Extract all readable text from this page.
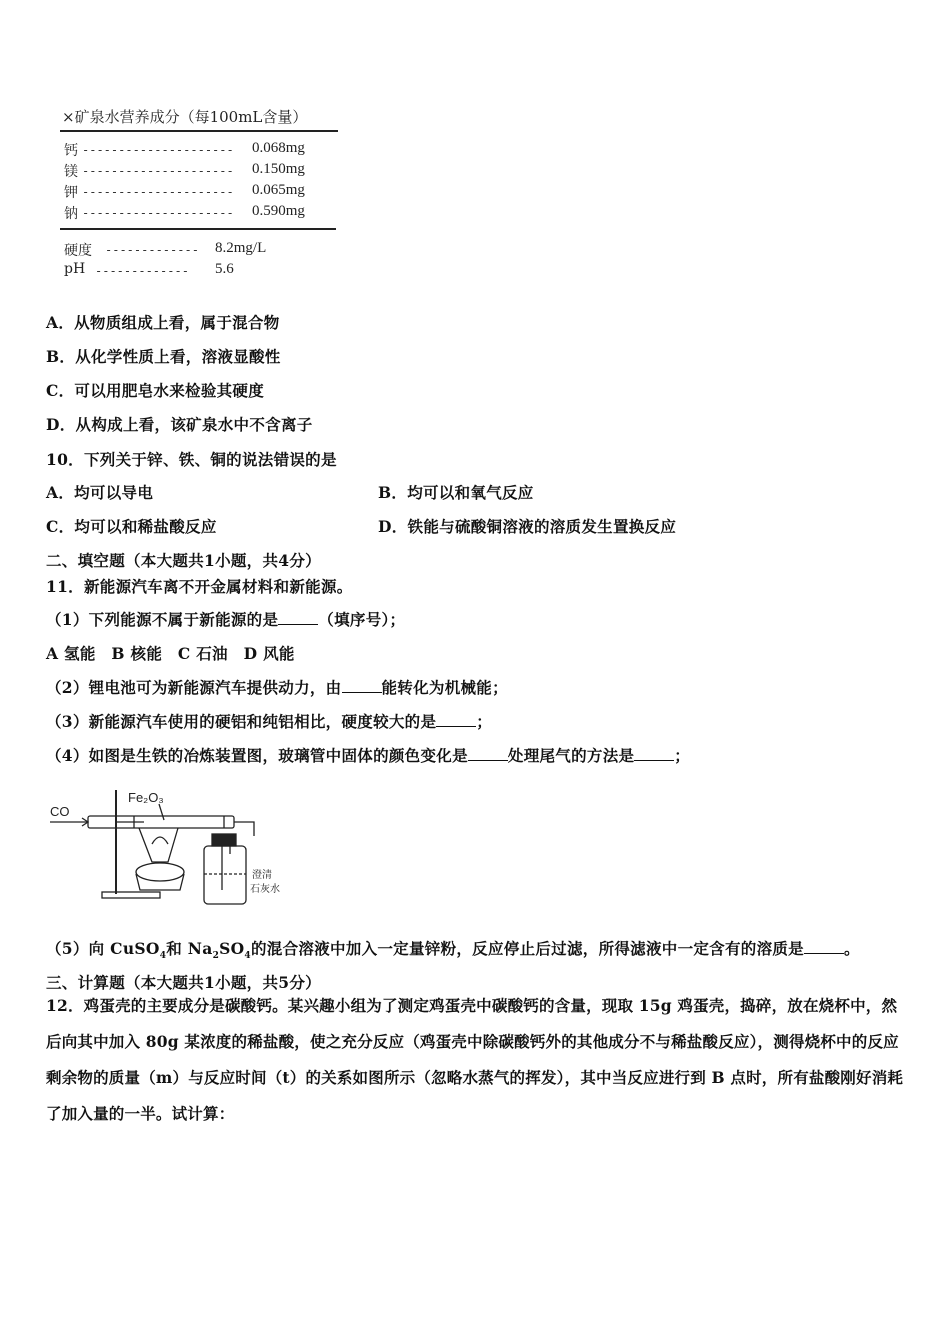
×矿泉水营养成分（每100mL含量）
钙 --------------------- 0.068mg
镁 --------------------- 0.150mg
钾 --------------------- 0.065mg
钠 --------------------- 0.590mg
硬度 ------------- 8.2mg/L
pH ------------- 5.6
A．从物质组成上看，属于混合物
B．从化学性质上看，溶液显酸性
C．可以用肥皂水来检验其硬度
D．从构成上看，该矿泉水中不含离子
10．下列关于锌、铁、铜的说法错误的是
A．均可以导电	B．均可以和氧气反应
C．均可以和稀盐酸反应	D．铁能与硫酸铜溶液的溶质发生置换反应
二、填空题（本大题共1小题，共4分）
11．新能源汽车离不开金属材料和新能源。
（1）下列能源不属于新能源的是	（填序号）；
A 氢能　B 核能　C 石油　D 风能
（2）锂电池可为新能源汽车提供动力，由	能转化为机械能；
（3）新能源汽车使用的硬铝和纯铝相比，硬度较大的是	；
（4）如图是生铁的冶炼装置图，玻璃管中固体的颜色变化是	处理尾气的方法是	；
CO
Fe₂O₃
澄清
石灰水
（5）向 CuSO$_4$和 $Na_2SO_4$的混合溶液中加入一定量锌粉，反应停止后过滤，所得滤液中一定含有的溶质是	。
三、计算题（本大题共1小题，共5分）
12．鸡蛋壳的主要成分是碳酸钙。某兴趣小组为了测定鸡蛋壳中碳酸钙的含量，现取 15g 鸡蛋壳，捣碎，放在烧杯中，然后向其中加入 80g 某浓度的稀盐酸，使之充分反应（鸡蛋壳中除碳酸钙外的其他成分不与稀盐酸反应），测得烧杯中的反应剩余物的质量（m）与反应时间（t）的关系如图所示（忽略水蒸气的挥发），其中当反应进行到 B 点时，所有盐酸刚好消耗了加入量的一半。试计算：
